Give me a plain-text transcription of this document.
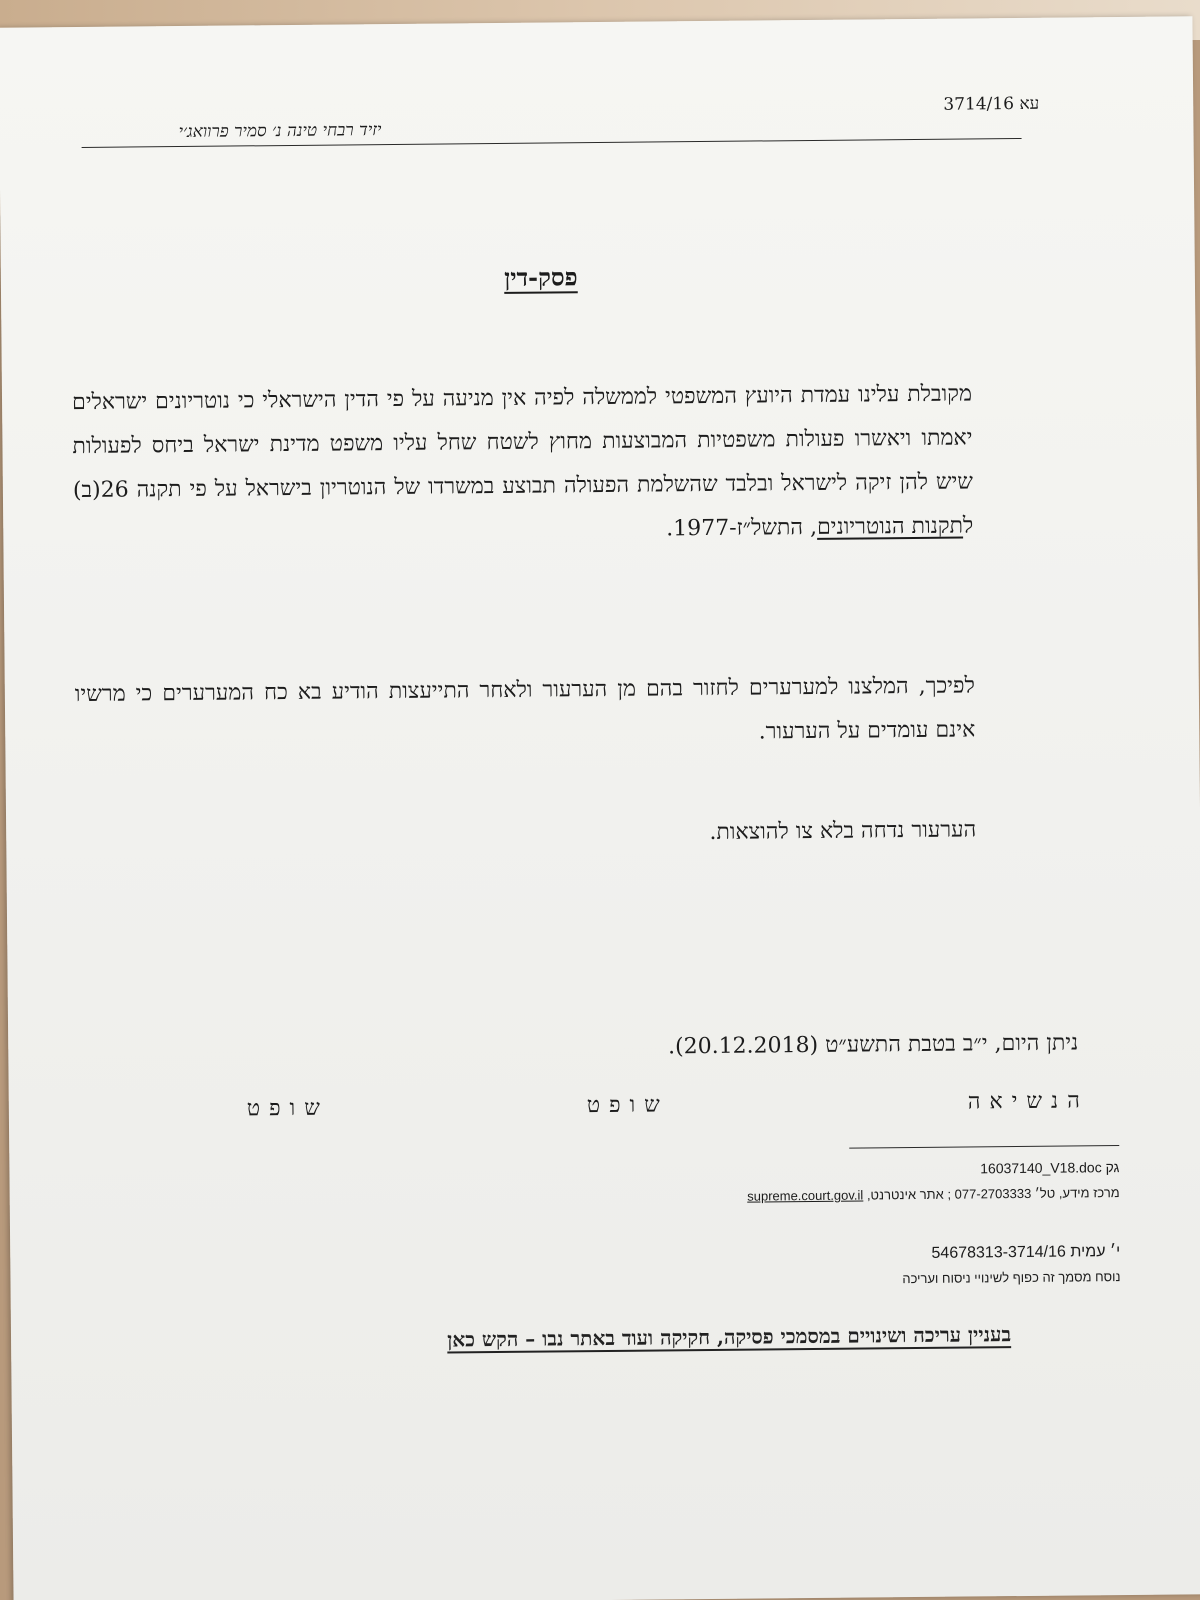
עא 3714/16
יזיד רבחי טינה נ׳ סמיר פרוואג׳י
פסק-דין
מקובלת עלינו עמדת היועץ המשפטי לממשלה לפיה אין מניעה על פי הדין הישראלי כי נוטריונים ישראלים יאמתו ויאשרו פעולות משפטיות המבוצעות מחוץ לשטח שחל עליו משפט מדינת ישראל ביחס לפעולות שיש להן זיקה לישראל ובלבד שהשלמת הפעולה תבוצע במשרדו של הנוטריון בישראל על פי תקנה 26(ב) לתקנות הנוטריונים, התשל״ז-1977.
לפיכך, המלצנו למערערים לחזור בהם מן הערעור ולאחר התייעצות הודיע בא כח המערערים כי מרשיו אינם עומדים על הערעור.
הערעור נדחה בלא צו להוצאות.
ניתן היום, י״ב בטבת התשע״ט (20.12.2018).
הנשיאה
שופט
שופט
16037140_V18.doc גק
מרכז מידע, טל׳ 077-2703333 ; אתר אינטרנט, supreme.court.gov.il
י׳ עמית 54678313-3714/16
נוסח מסמך זה כפוף לשינויי ניסוח ועריכה
בעניין עריכה ושינויים במסמכי פסיקה, חקיקה ועוד באתר נבו – הקש כאן
